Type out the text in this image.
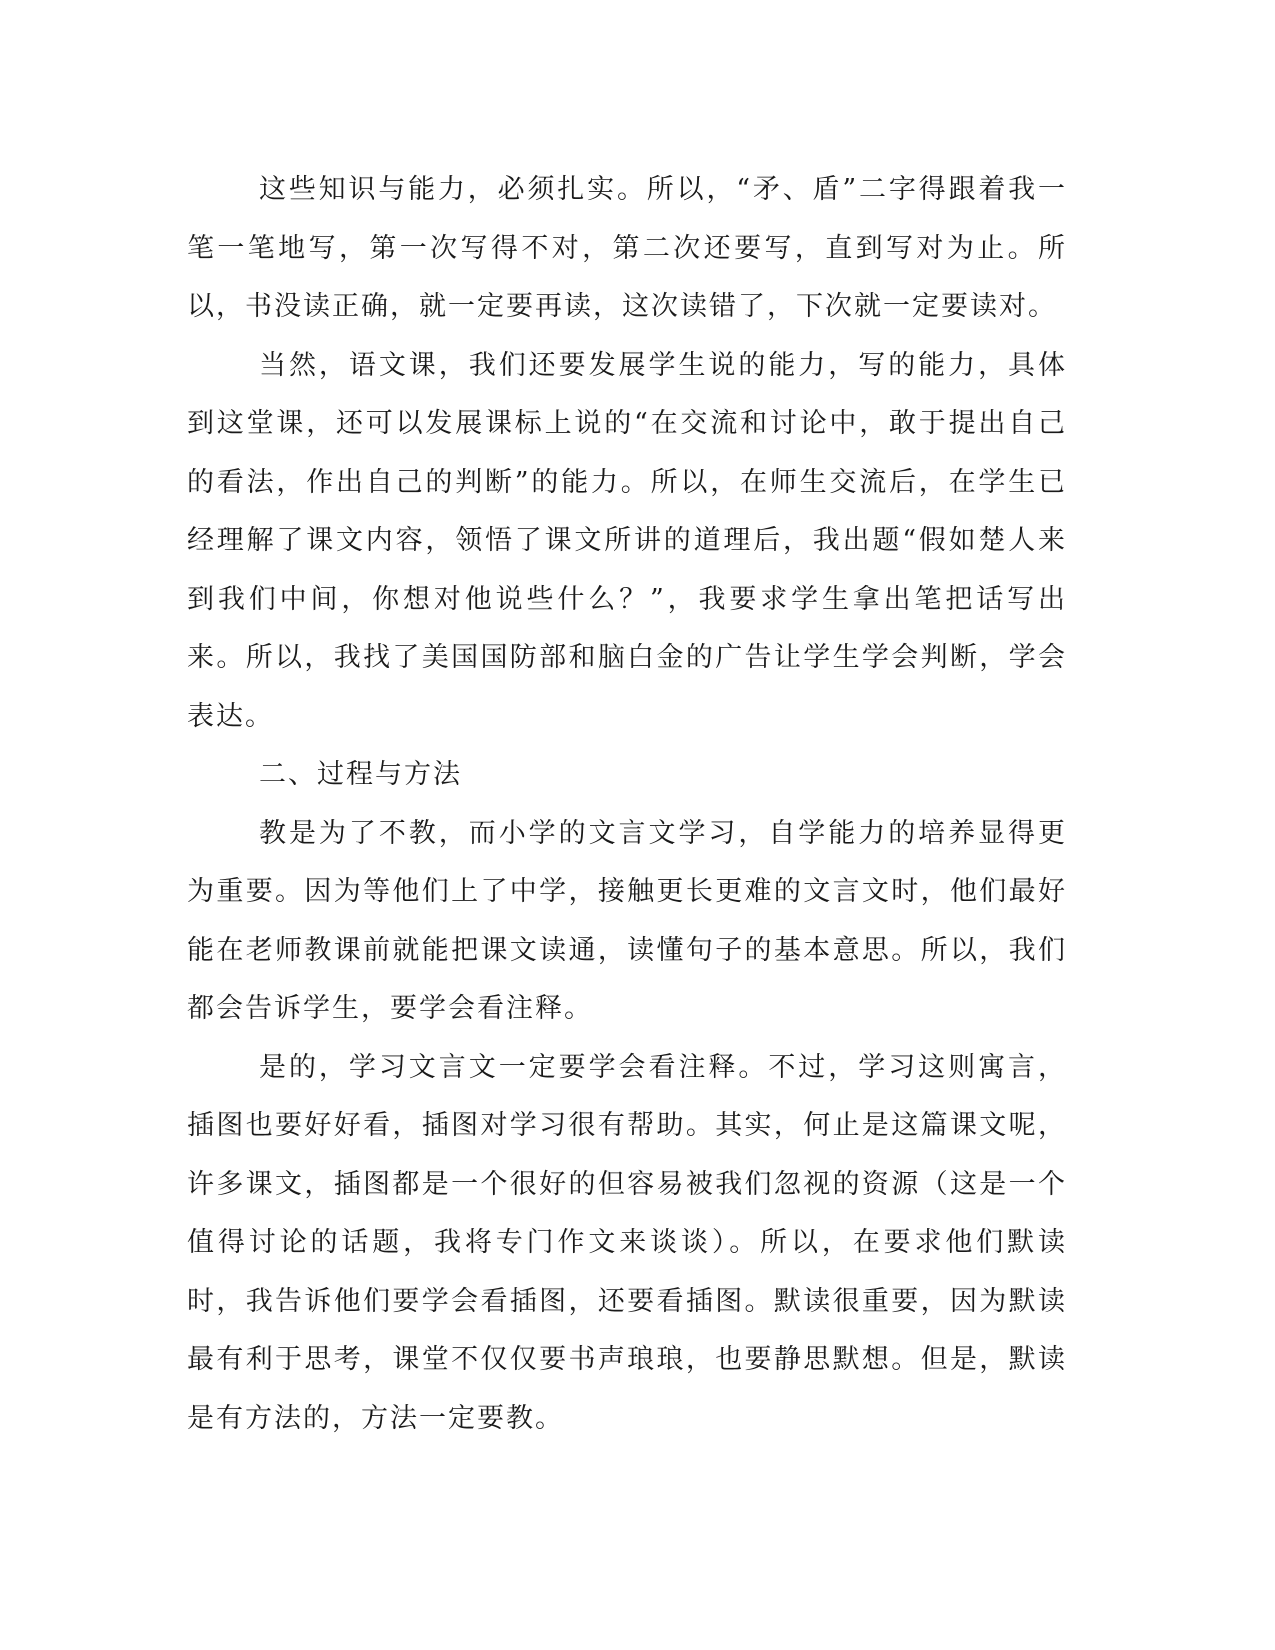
这些知识与能力，必须扎实。所以，“矛、盾”二字得跟着我一笔一笔地写，第一次写得不对，第二次还要写，直到写对为止。所以，书没读正确，就一定要再读，这次读错了，下次就一定要读对。

当然，语文课，我们还要发展学生说的能力，写的能力，具体到这堂课，还可以发展课标上说的“在交流和讨论中，敢于提出自己的看法，作出自己的判断”的能力。所以，在师生交流后，在学生已经理解了课文内容，领悟了课文所讲的道理后，我出题“假如楚人来到我们中间，你想对他说些什么？”，我要求学生拿出笔把话写出来。所以，我找了美国国防部和脑白金的广告让学生学会判断，学会表达。

二、过程与方法

教是为了不教，而小学的文言文学习，自学能力的培养显得更为重要。因为等他们上了中学，接触更长更难的文言文时，他们最好能在老师教课前就能把课文读通，读懂句子的基本意思。所以，我们都会告诉学生，要学会看注释。

是的，学习文言文一定要学会看注释。不过，学习这则寓言，插图也要好好看，插图对学习很有帮助。其实，何止是这篇课文呢，许多课文，插图都是一个很好的但容易被我们忽视的资源（这是一个值得讨论的话题，我将专门作文来谈谈）。所以，在要求他们默读时，我告诉他们要学会看插图，还要看插图。默读很重要，因为默读最有利于思考，课堂不仅仅要书声琅琅，也要静思默想。但是，默读是有方法的，方法一定要教。
